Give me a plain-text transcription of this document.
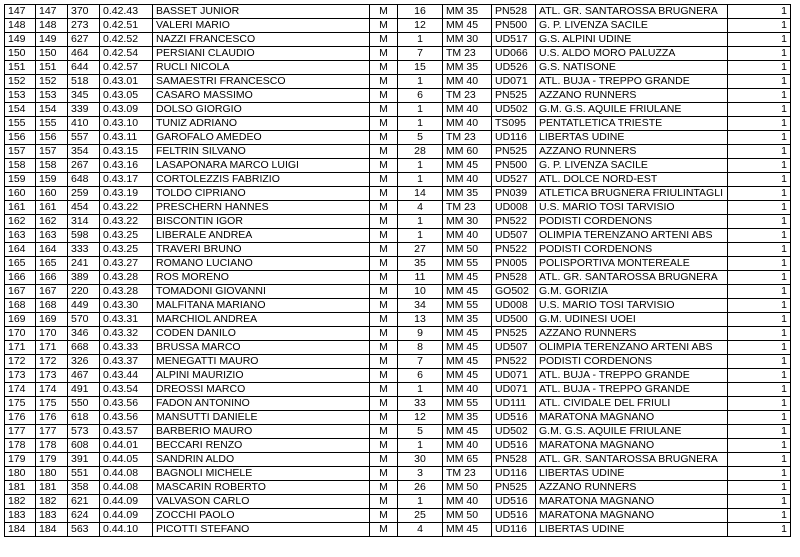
147	147	370	0.42.43	BASSET JUNIOR	M	16	MM 35	PN528	ATL. GR. SANTAROSSA BRUGNERA	1
148	148	273	0.42.51	VALERI MARIO	M	12	MM 45	PN500	G. P. LIVENZA SACILE	1
149	149	627	0.42.52	NAZZI FRANCESCO	M	1	MM 30	UD517	G.S. ALPINI UDINE	1
150	150	464	0.42.54	PERSIANI CLAUDIO	M	7	TM 23	UD066	U.S. ALDO MORO PALUZZA	1
151	151	644	0.42.57	RUCLI NICOLA	M	15	MM 35	UD526	G.S. NATISONE	1
152	152	518	0.43.01	SAMAESTRI FRANCESCO	M	1	MM 40	UD071	ATL. BUJA - TREPPO GRANDE	1
153	153	345	0.43.05	CASARO MASSIMO	M	6	TM 23	PN525	AZZANO RUNNERS	1
154	154	339	0.43.09	DOLSO GIORGIO	M	1	MM 40	UD502	G.M. G.S. AQUILE FRIULANE	1
155	155	410	0.43.10	TUNIZ ADRIANO	M	1	MM 40	TS095	PENTATLETICA TRIESTE	1
156	156	557	0.43.11	GAROFALO AMEDEO	M	5	TM 23	UD116	LIBERTAS UDINE	1
157	157	354	0.43.15	FELTRIN SILVANO	M	28	MM 60	PN525	AZZANO RUNNERS	1
158	158	267	0.43.16	LASAPONARA MARCO LUIGI	M	1	MM 45	PN500	G. P. LIVENZA SACILE	1
159	159	648	0.43.17	CORTOLEZZIS FABRIZIO	M	1	MM 40	UD527	ATL. DOLCE NORD-EST	1
160	160	259	0.43.19	TOLDO CIPRIANO	M	14	MM 35	PN039	ATLETICA BRUGNERA FRIULINTAGLI	1
161	161	454	0.43.22	PRESCHERN HANNES	M	4	TM 23	UD008	U.S. MARIO TOSI TARVISIO	1
162	162	314	0.43.22	BISCONTIN IGOR	M	1	MM 30	PN522	PODISTI CORDENONS	1
163	163	598	0.43.25	LIBERALE ANDREA	M	1	MM 40	UD507	OLIMPIA TERENZANO ARTENI ABS	1
164	164	333	0.43.25	TRAVERI BRUNO	M	27	MM 50	PN522	PODISTI CORDENONS	1
165	165	241	0.43.27	ROMANO LUCIANO	M	35	MM 55	PN005	POLISPORTIVA MONTEREALE	1
166	166	389	0.43.28	ROS MORENO	M	11	MM 45	PN528	ATL. GR. SANTAROSSA BRUGNERA	1
167	167	220	0.43.28	TOMADONI GIOVANNI	M	10	MM 45	GO502	G.M. GORIZIA	1
168	168	449	0.43.30	MALFITANA MARIANO	M	34	MM 55	UD008	U.S. MARIO TOSI TARVISIO	1
169	169	570	0.43.31	MARCHIOL ANDREA	M	13	MM 35	UD500	G.M. UDINESI UOEI	1
170	170	346	0.43.32	CODEN DANILO	M	9	MM 45	PN525	AZZANO RUNNERS	1
171	171	668	0.43.33	BRUSSA MARCO	M	8	MM 45	UD507	OLIMPIA TERENZANO ARTENI ABS	1
172	172	326	0.43.37	MENEGATTI MAURO	M	7	MM 45	PN522	PODISTI CORDENONS	1
173	173	467	0.43.44	ALPINI MAURIZIO	M	6	MM 45	UD071	ATL. BUJA - TREPPO GRANDE	1
174	174	491	0.43.54	DREOSSI MARCO	M	1	MM 40	UD071	ATL. BUJA - TREPPO GRANDE	1
175	175	550	0.43.56	FADON ANTONINO	M	33	MM 55	UD111	ATL. CIVIDALE DEL FRIULI	1
176	176	618	0.43.56	MANSUTTI DANIELE	M	12	MM 35	UD516	MARATONA MAGNANO	1
177	177	573	0.43.57	BARBERIO MAURO	M	5	MM 45	UD502	G.M. G.S. AQUILE FRIULANE	1
178	178	608	0.44.01	BECCARI RENZO	M	1	MM 40	UD516	MARATONA MAGNANO	1
179	179	391	0.44.05	SANDRIN ALDO	M	30	MM 65	PN528	ATL. GR. SANTAROSSA BRUGNERA	1
180	180	551	0.44.08	BAGNOLI MICHELE	M	3	TM 23	UD116	LIBERTAS UDINE	1
181	181	358	0.44.08	MASCARIN ROBERTO	M	26	MM 50	PN525	AZZANO RUNNERS	1
182	182	621	0.44.09	VALVASON CARLO	M	1	MM 40	UD516	MARATONA MAGNANO	1
183	183	624	0.44.09	ZOCCHI PAOLO	M	25	MM 50	UD516	MARATONA MAGNANO	1
184	184	563	0.44.10	PICOTTI STEFANO	M	4	MM 45	UD116	LIBERTAS UDINE	1
